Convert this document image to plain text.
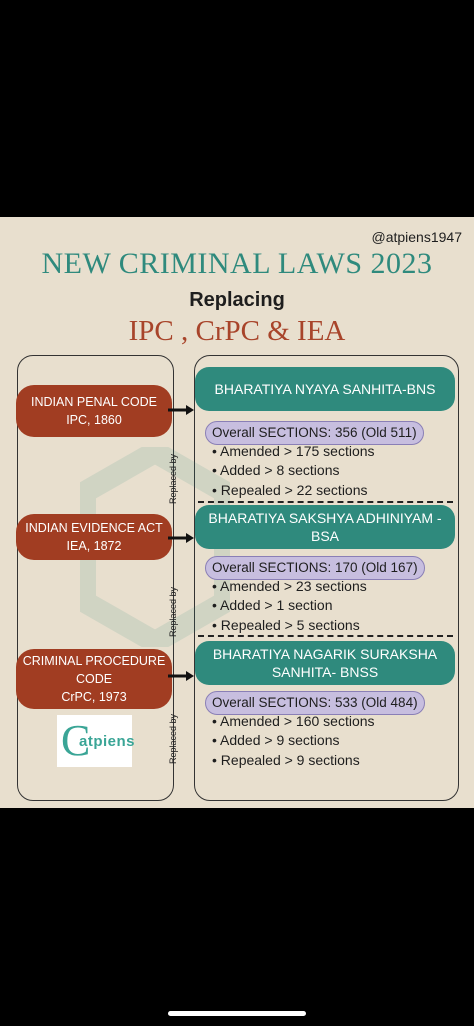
@atpiens1947
NEW CRIMINAL LAWS 2023
Replacing
IPC , CrPC & IEA
INDIAN PENAL CODE
IPC, 1860
Replaced by
INDIAN EVIDENCE ACT
IEA, 1872
Replaced by
CRIMINAL PROCEDURE CODE
CrPC, 1973
Replaced by
C
atpiens
BHARATIYA NYAYA SANHITA-BNS
Overall SECTIONS: 356 (Old 511)
• Amended > 175 sections
• Added > 8 sections
• Repealed > 22 sections
BHARATIYA SAKSHYA ADHINIYAM -BSA
Overall SECTIONS: 170 (Old 167)
• Amended > 23 sections
• Added > 1 section
• Repealed > 5 sections
BHARATIYA NAGARIK SURAKSHA SANHITA- BNSS
Overall SECTIONS: 533 (Old 484)
• Amended > 160 sections
• Added > 9 sections
• Repealed > 9 sections
